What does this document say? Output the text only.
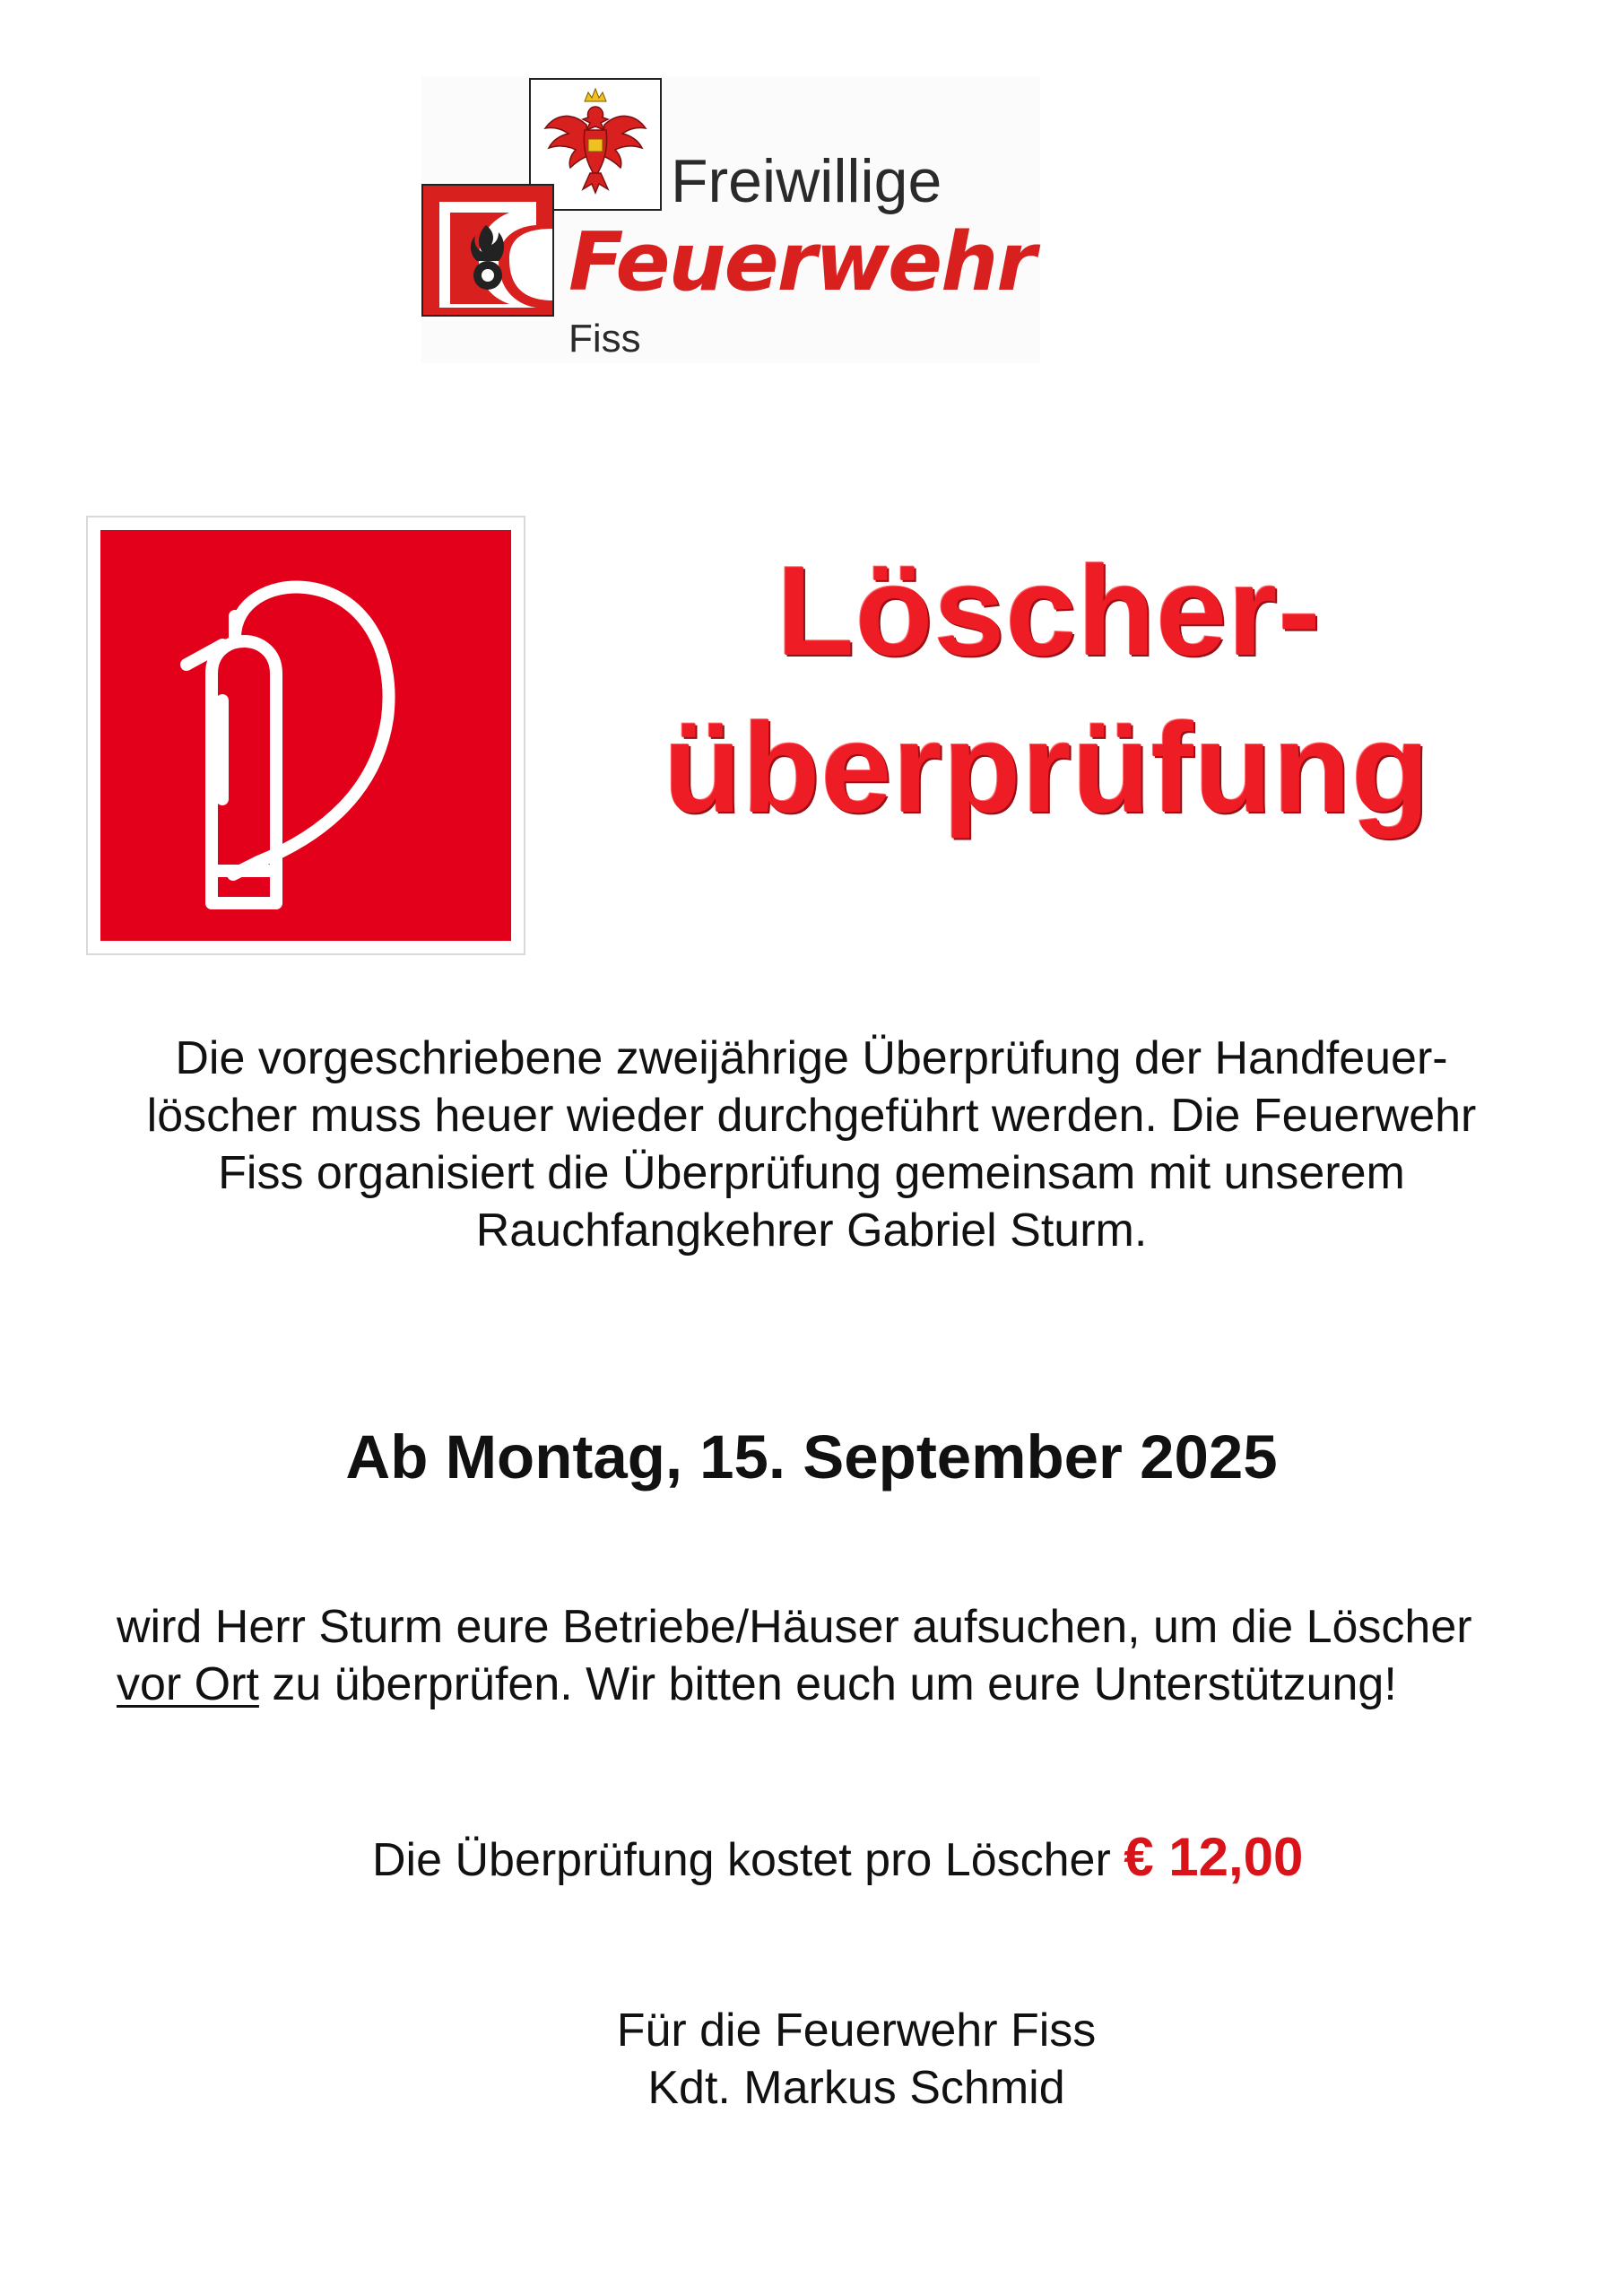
Freiwillige
Feuerwehr
Fiss
Löscher-
überprüfung
Die vorgeschriebene zweijährige Überprüfung der Handfeuer-
löscher muss heuer wieder durchgeführt werden. Die Feuerwehr
Fiss organisiert die Überprüfung gemeinsam mit unserem
Rauchfangkehrer Gabriel Sturm.
Ab Montag, 15. September 2025
wird Herr Sturm eure Betriebe/Häuser aufsuchen, um die Löscher
vor Ort zu überprüfen. Wir bitten euch um eure Unterstützung!
Die Überprüfung kostet pro Löscher € 12,00
Für die Feuerwehr Fiss
Kdt. Markus Schmid
